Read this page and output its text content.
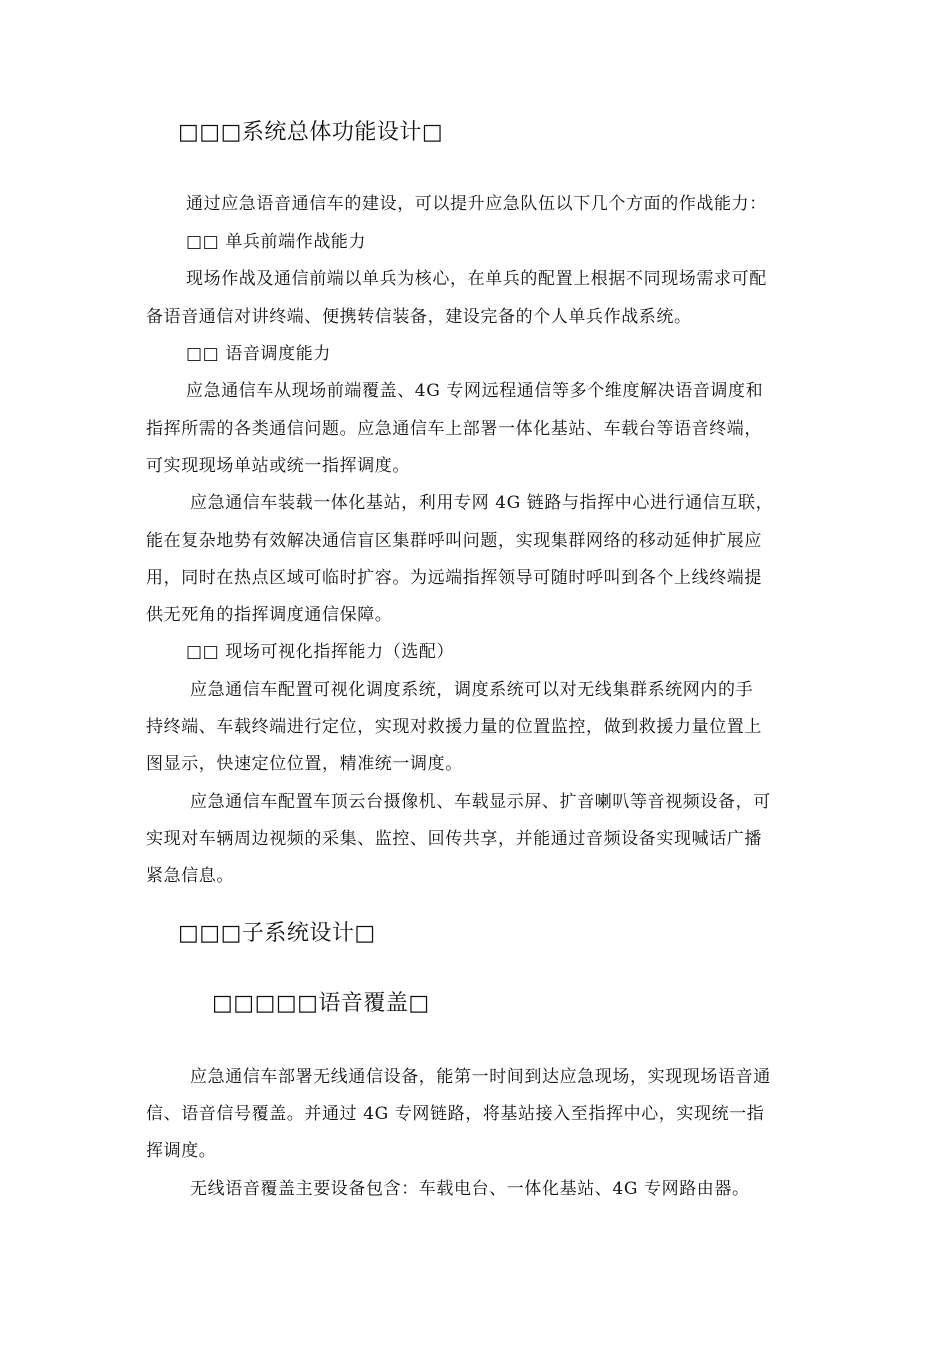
□□□系统总体功能设计□
通过应急语音通信车的建设，可以提升应急队伍以下几个方面的作战能力：
□□ 单兵前端作战能力
现场作战及通信前端以单兵为核心，在单兵的配置上根据不同现场需求可配
备语音通信对讲终端、便携转信装备，建设完备的个人单兵作战系统。
□□ 语音调度能力
应急通信车从现场前端覆盖、4G 专网远程通信等多个维度解决语音调度和
指挥所需的各类通信问题。应急通信车上部署一体化基站、车载台等语音终端，
可实现现场单站或统一指挥调度。
应急通信车装载一体化基站，利用专网 4G 链路与指挥中心进行通信互联，
能在复杂地势有效解决通信盲区集群呼叫问题，实现集群网络的移动延伸扩展应
用，同时在热点区域可临时扩容。为远端指挥领导可随时呼叫到各个上线终端提
供无死角的指挥调度通信保障。
□□ 现场可视化指挥能力（选配）
应急通信车配置可视化调度系统，调度系统可以对无线集群系统网内的手
持终端、车载终端进行定位，实现对救援力量的位置监控，做到救援力量位置上
图显示，快速定位位置，精准统一调度。
应急通信车配置车顶云台摄像机、车载显示屏、扩音喇叭等音视频设备，可
实现对车辆周边视频的采集、监控、回传共享，并能通过音频设备实现喊话广播
紧急信息。
□□□子系统设计□
□□□□□语音覆盖□
应急通信车部署无线通信设备，能第一时间到达应急现场，实现现场语音通
信、语音信号覆盖。并通过 4G 专网链路，将基站接入至指挥中心，实现统一指
挥调度。
无线语音覆盖主要设备包含：车载电台、一体化基站、4G 专网路由器。
